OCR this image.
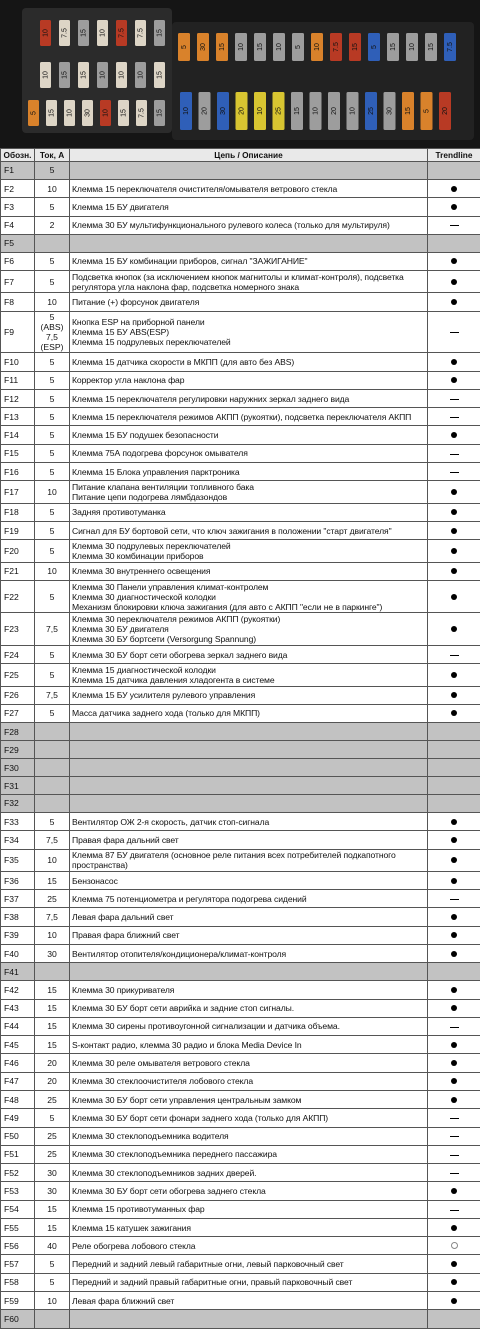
10 7.5 15 10 7.5 7.5 15
10 15 15 10 10 10 15
5 15 10 30 10 15 7.5 15
5 30 15 10 15 10 5 10 7.5 15 5 15 10 15 7.5
10 20 30 20 10 25 15 10 20 10 25 30 15 5 20
Обозн.	Ток, А	Цепь / Описание	Trendline
F1	5		
F2	10	Клемма 15 переключателя очистителя/омывателя ветрового стекла	

F3	5	Клемма 15 БУ двигателя	

F4	2	Клемма 30 БУ мультифункционального рулевого колеса (только для мультируля)	

F5			
F6	5	Клемма 15 БУ комбинации приборов, сигнал "ЗАЖИГАНИЕ"	

F7	5	Подсветка кнопок (за исключением кнопок магнитолы и климат-контроля), подсветка
регулятора угла наклона фар, подсветка номерного знака	

F8	10	Питание (+) форсунок двигателя	

F9	5 (ABS) 7,5 (ESP)	Кнопка ESP на приборной панели
Клемма 15 БУ ABS(ESP)
Клемма 15 подрулевых переключателей	

F10	5	Клемма 15 датчика скорости в МКПП (для авто без ABS)	

F11	5	Корректор угла наклона фар	

F12	5	Клемма 15 переключателя регулировки наружних зеркал заднего вида	

F13	5	Клемма 15 переключателя режимов АКПП (рукоятки), подсветка переключателя АКПП	

F14	5	Клемма 15 БУ подушек безопасности	

F15	5	Клемма 75А подогрева форсунок омывателя	

F16	5	Клемма 15 Блока управления парктроника	

F17	10	Питание клапана вентиляции топливного бака
Питание цепи подогрева лямбдазондов	

F18	5	Задняя противотуманка	

F19	5	Сигнал для БУ бортовой сети, что ключ зажигания в положении "старт двигателя"	

F20	5	Клемма 30 подрулевых переключателей
Клемма 30 комбинации приборов	

F21	10	Клемма 30 внутреннего освещения	

F22	5	Клемма 30 Панели управления климат-контролем
Клемма 30 диагностической колодки
Механизм блокировки ключа зажигания (для авто с АКПП "если не в паркинге")	

F23	7,5	Клемма 30 переключателя режимов АКПП (рукоятки)
Клемма 30 БУ двигателя
Клемма 30 БУ бортсети (Versorgung Spannung)	

F24	5	Клемма 30 БУ борт сети обогрева зеркал заднего вида	

F25	5	Клемма 15 диагностической колодки
Клемма 15 датчика давления хладогента в системе	

F26	7,5	Клемма 15 БУ усилителя рулевого управления	

F27	5	Масса датчика заднего хода (только для МКПП)	

F28			
F29			
F30			
F31			
F32			
F33	5	Вентилятор ОЖ 2-я скорость, датчик стоп-сигнала	

F34	7,5	Правая фара дальний свет	

F35	10	Клемма 87 БУ двигателя (основное реле питания всех потребителей подкапотного
пространства)	

F36	15	Бензонасос	

F37	25	Клемма 75 потенциометра и регулятора подогрева сидений	

F38	7,5	Левая фара дальний свет	

F39	10	Правая фара ближний свет	

F40	30	Вентилятор отопителя/кондиционера/климат-контроля	

F41			
F42	15	Клемма 30 прикуривателя	

F43	15	Клемма 30 БУ борт сети аврийка и задние стоп сигналы.	

F44	15	Клемма 30 сирены противоугонной сигнализации и датчика объема.	

F45	15	S-контакт радио, клемма 30 радио и блока Media Device In	

F46	20	Клемма 30 реле омывателя ветрового стекла	

F47	20	Клемма 30 стеклоочистителя лобового стекла	

F48	25	Клемма 30 БУ борт сети управления центральным замком	

F49	5	Клемма 30 БУ борт сети фонари заднего хода (только для АКПП)	

F50	25	Клемма 30 стеклоподъемника водителя	

F51	25	Клемма 30 стеклоподъемника переднего пассажира	

F52	30	Клемма 30 стеклоподъемников задних дверей.	

F53	30	Клемма 30 БУ борт сети обогрева заднего стекла	

F54	15	Клемма 15 противотуманных фар	

F55	15	Клемма 15 катушек зажигания	

F56	40	Реле обогрева лобового стекла	

F57	5	Передний и задний левый габаритные огни, левый парковочный свет	

F58	5	Передний и задний правый габаритные огни, правый парковочный свет	

F59	10	Левая фара ближний свет	

F60			
